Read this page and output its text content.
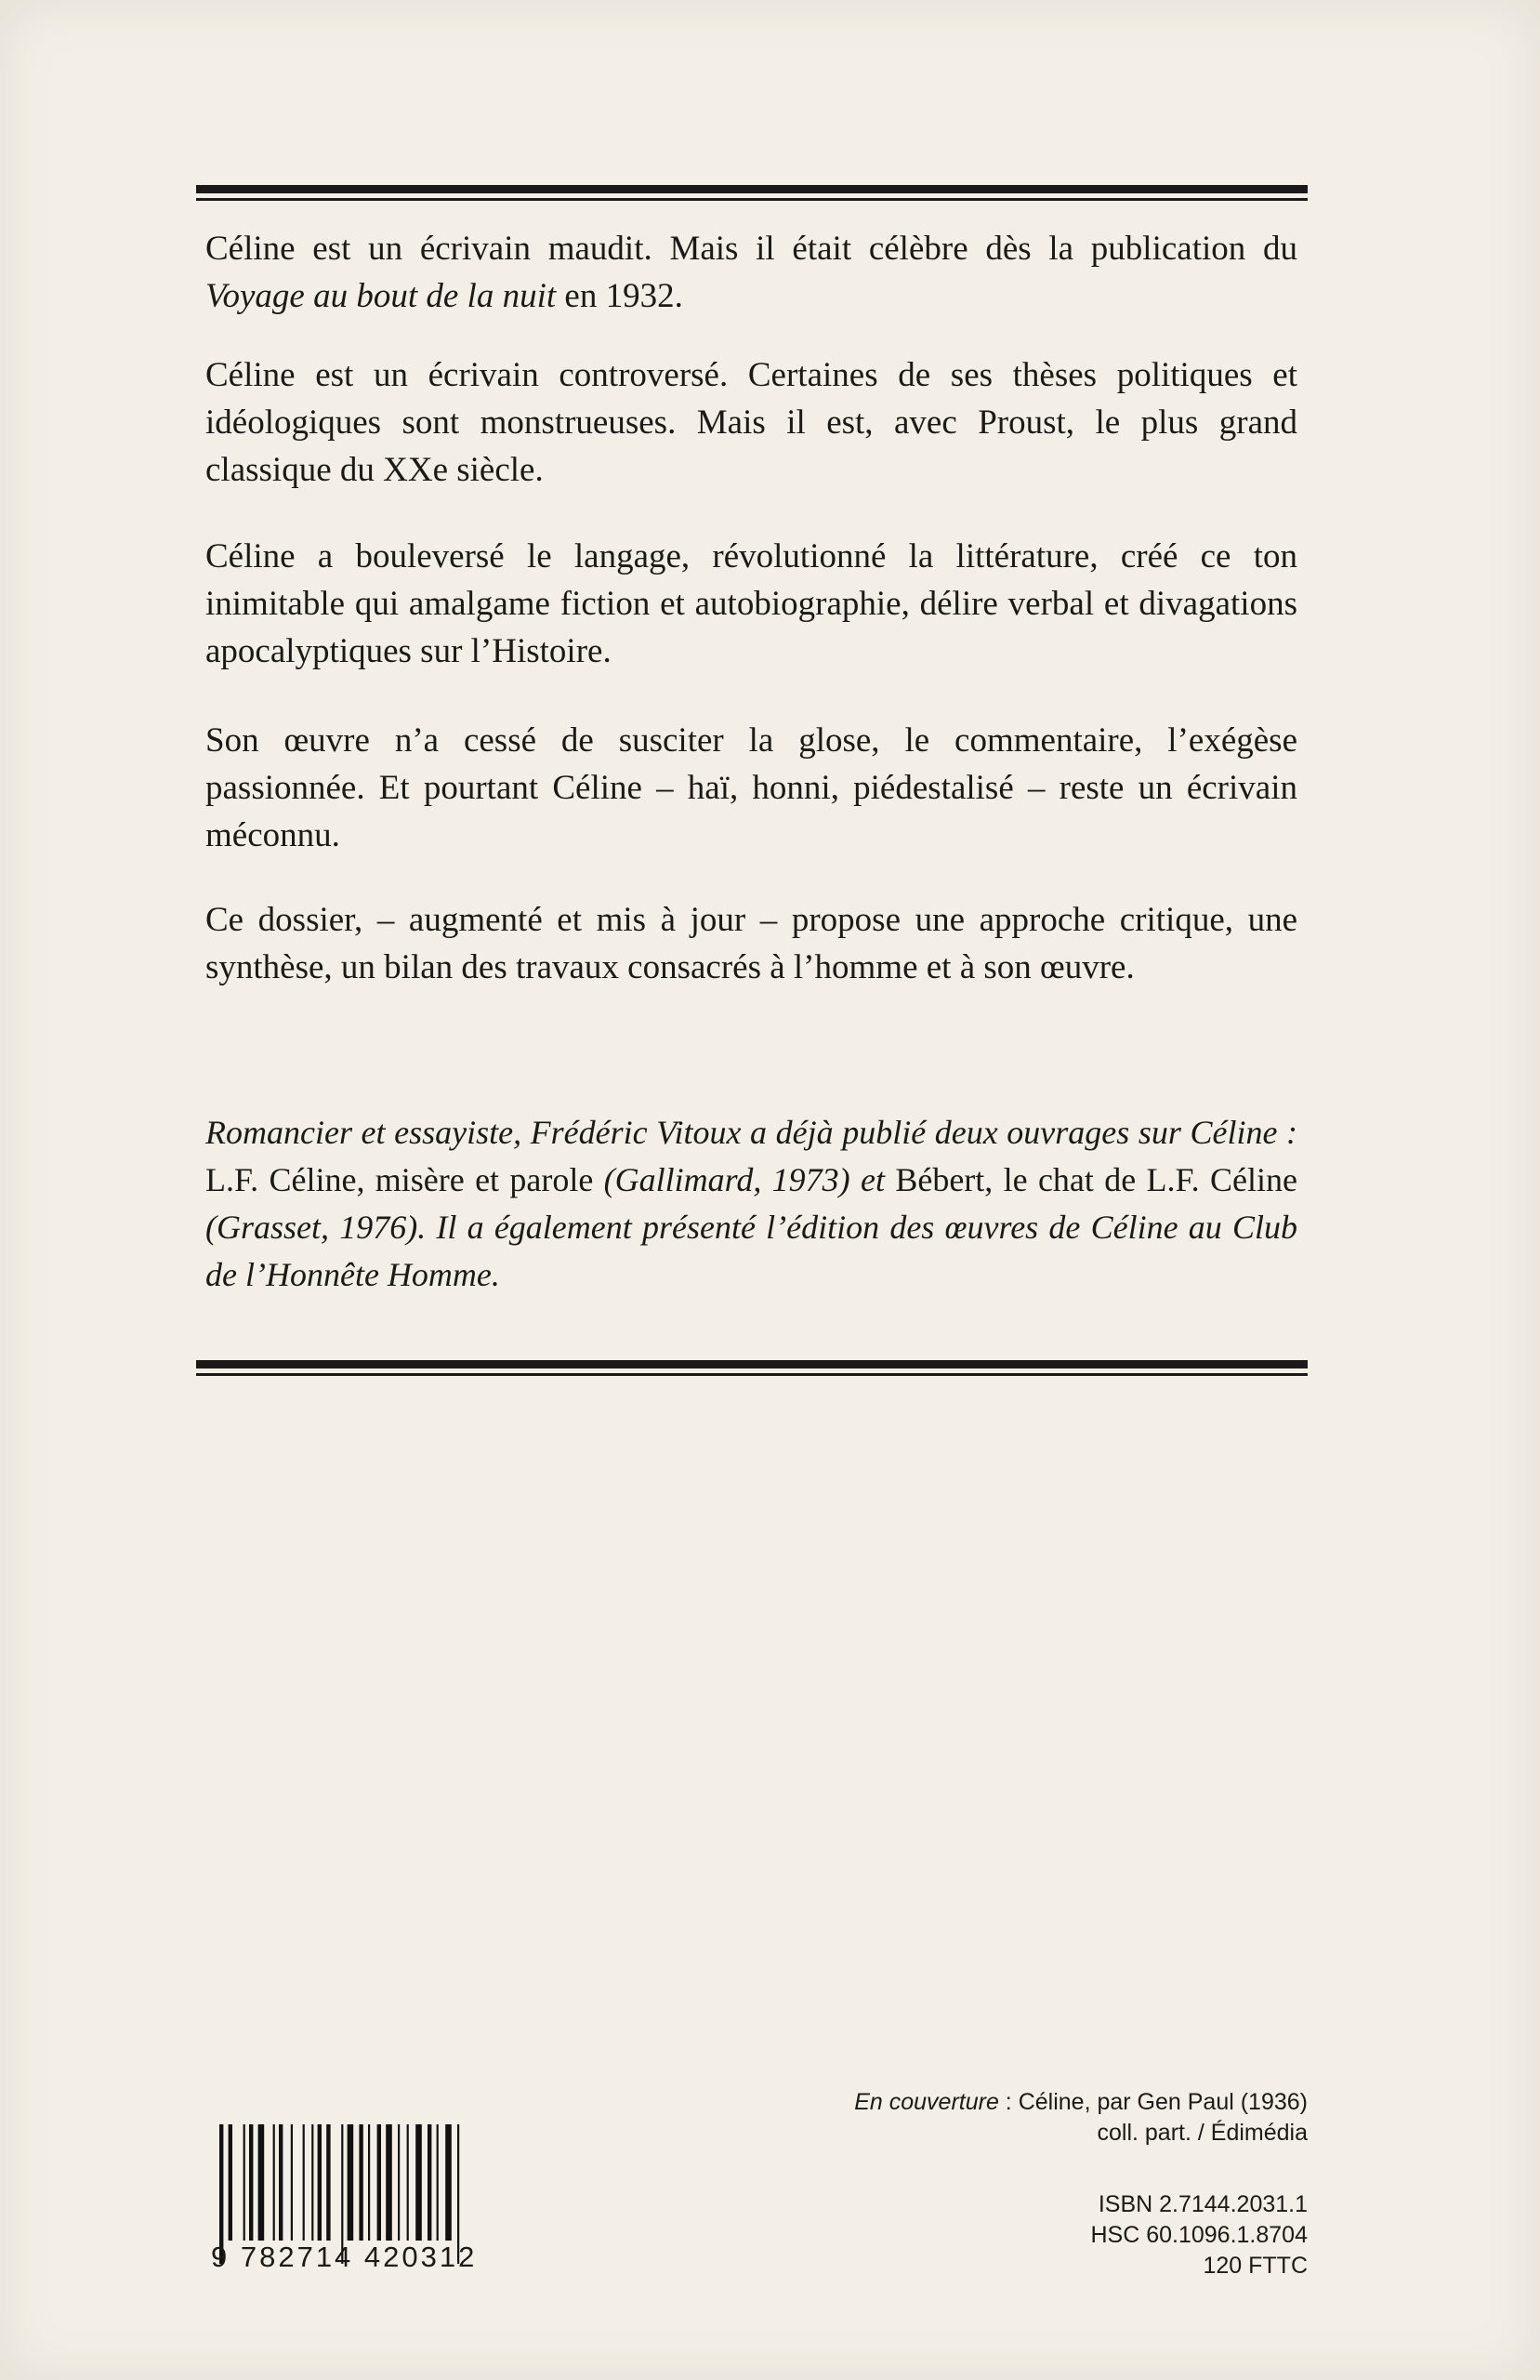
Céline est un écrivain maudit. Mais il était célèbre dès la publication du Voyage au bout de la nuit en 1932.

Céline est un écrivain controversé. Certaines de ses thèses politiques et idéologiques sont monstrueuses. Mais il est, avec Proust, le plus grand classique du XXe siècle.

Céline a bouleversé le langage, révolutionné la littérature, créé ce ton inimitable qui amalgame fiction et autobiographie, délire verbal et divagations apocalyptiques sur l’Histoire.

Son œuvre n’a cessé de susciter la glose, le commentaire, l’exégèse passionnée. Et pourtant Céline – haï, honni, piédestalisé – reste un écrivain méconnu.

Ce dossier, – augmenté et mis à jour – propose une approche critique, une synthèse, un bilan des travaux consacrés à l’homme et à son œuvre.

Romancier et essayiste, Frédéric Vitoux a déjà publié deux ouvrages sur Céline : L.F. Céline, misère et parole (Gallimard, 1973) et Bébert, le chat de L.F. Céline (Grasset, 1976). Il a également présenté l’édition des œuvres de Céline au Club de l’Honnête Homme.

En couverture : Céline, par Gen Paul (1936)
coll. part. / Édimédia
ISBN 2.7144.2031.1
HSC 60.1096.1.8704
120 FTTC
9 782714 420312
